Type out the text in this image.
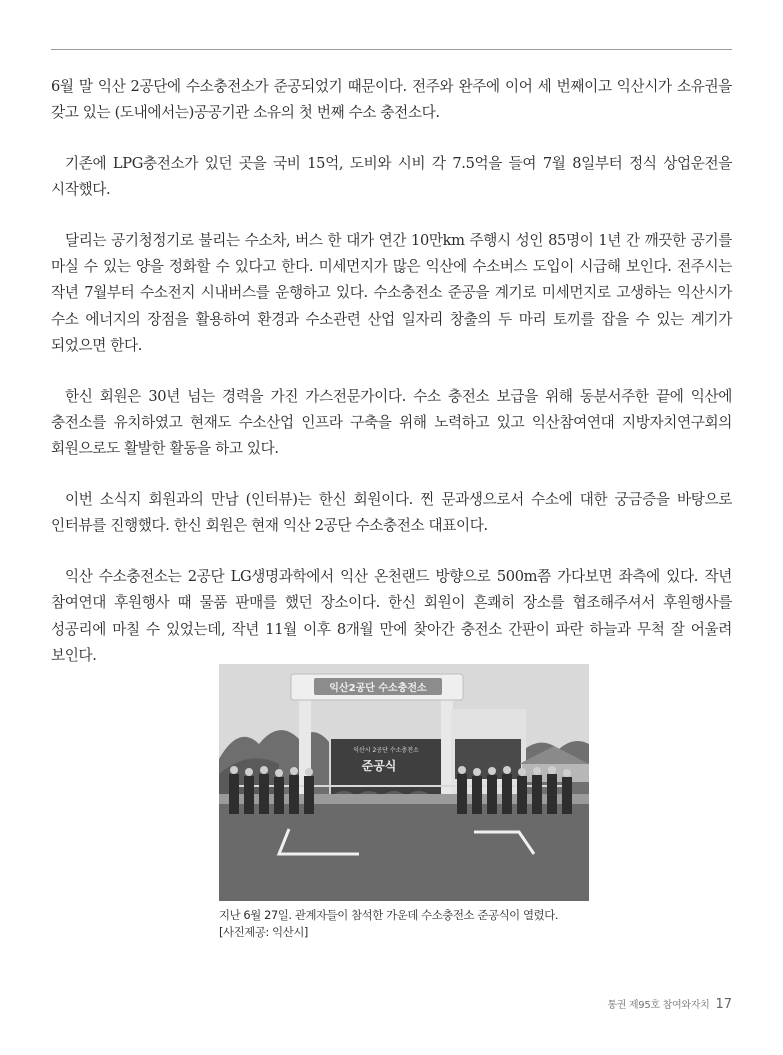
6월 말 익산 2공단에 수소충전소가 준공되었기 때문이다. 전주와 완주에 이어 세 번째이고 익산시가 소유권을 갖고 있는 (도내에서는)공공기관 소유의 첫 번째 수소 충전소다.

기존에 LPG충전소가 있던 곳을 국비 15억, 도비와 시비 각 7.5억을 들여 7월 8일부터 정식 상업운전을 시작했다.

달리는 공기청정기로 불리는 수소차, 버스 한 대가 연간 10만km 주행시 성인 85명이 1년 간 깨끗한 공기를 마실 수 있는 양을 정화할 수 있다고 한다. 미세먼지가 많은 익산에 수소버스 도입이 시급해 보인다. 전주시는 작년 7월부터 수소전지 시내버스를 운행하고 있다. 수소충전소 준공을 계기로 미세먼지로 고생하는 익산시가 수소 에너지의 장점을 활용하여 환경과 수소관련 산업 일자리 창출의 두 마리 토끼를 잡을 수 있는 계기가 되었으면 한다.

한신 회원은 30년 넘는 경력을 가진 가스전문가이다. 수소 충전소 보급을 위해 동분서주한 끝에 익산에 충전소를 유치하였고 현재도 수소산업 인프라 구축을 위해 노력하고 있고 익산참여연대 지방자치연구회의 회원으로도 활발한 활동을 하고 있다.

이번 소식지 회원과의 만남 (인터뷰)는 한신 회원이다. 찐 문과생으로서 수소에 대한 궁금증을 바탕으로 인터뷰를 진행했다. 한신 회원은 현재 익산 2공단 수소충전소 대표이다.

익산 수소충전소는 2공단 LG생명과학에서 익산 온천랜드 방향으로 500m쯤 가다보면 좌측에 있다. 작년 참여연대 후원행사 때 물품 판매를 했던 장소이다. 한신 회원이 흔쾌히 장소를 협조해주셔서 후원행사를 성공리에 마칠 수 있었는데, 작년 11월 이후 8개월 만에 찾아간 충전소 간판이 파란 하늘과 무척 잘 어울려 보인다.

익산2공단 수소충전소
익산시 2공단 수소충전소
준공식
지난 6월 27일. 관계자들이 참석한 가운데 수소충전소 준공식이 열렸다.
[사진제공: 익산시]
통권 제95호 참여와자치 17
